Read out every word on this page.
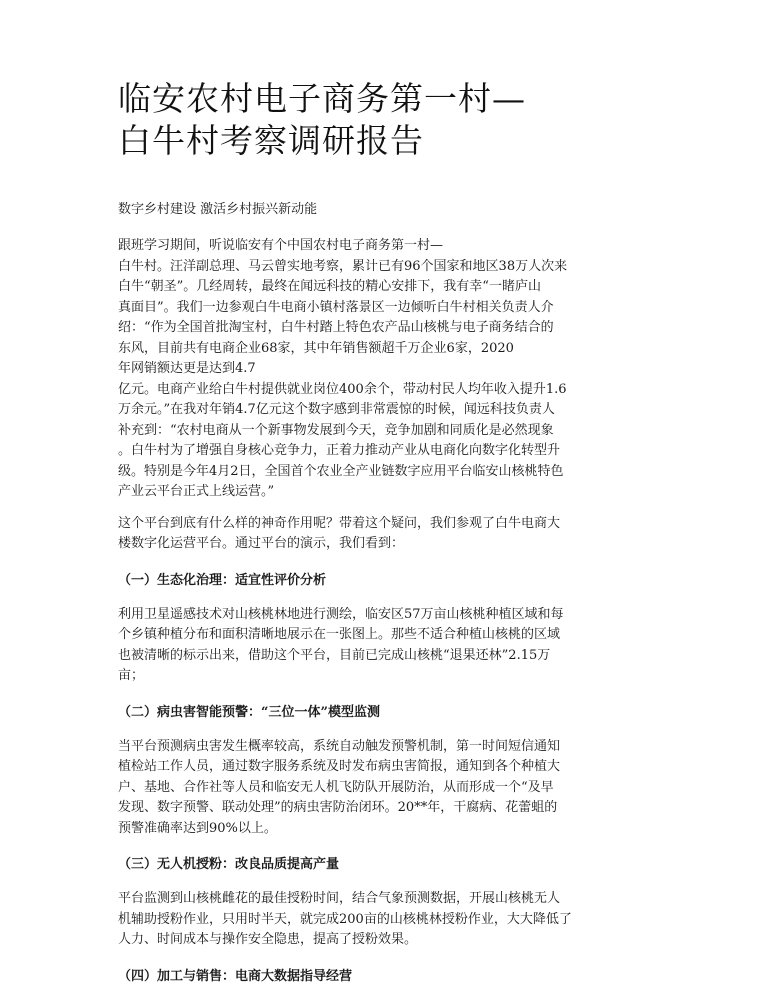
临安农村电子商务第一村—
白牛村考察调研报告

数字乡村建设 激活乡村振兴新动能

跟班学习期间，听说临安有个中国农村电子商务第一村—
白牛村。汪洋副总理、马云曾实地考察，累计已有96个国家和地区38万人次来
白牛“朝圣”。几经周转，最终在闻远科技的精心安排下，我有幸“一睹庐山
真面目”。我们一边参观白牛电商小镇村落景区一边倾听白牛村相关负责人介
绍：“作为全国首批淘宝村，白牛村踏上特色农产品山核桃与电子商务结合的
东风，目前共有电商企业68家，其中年销售额超千万企业6家，2020
年网销额达更是达到4.7
亿元。电商产业给白牛村提供就业岗位400余个，带动村民人均年收入提升1.6
万余元。”在我对年销4.7亿元这个数字感到非常震惊的时候，闻远科技负责人
补充到：“农村电商从一个新事物发展到今天，竞争加剧和同质化是必然现象
。白牛村为了增强自身核心竞争力，正着力推动产业从电商化向数字化转型升
级。特别是今年4月2日，全国首个农业全产业链数字应用平台临安山核桃特色
产业云平台正式上线运营。”
这个平台到底有什么样的神奇作用呢？带着这个疑问，我们参观了白牛电商大
楼数字化运营平台。通过平台的演示，我们看到：
（一）生态化治理：适宜性评价分析
利用卫星遥感技术对山核桃林地进行测绘，临安区57万亩山核桃种植区域和每
个乡镇种植分布和面积清晰地展示在一张图上。那些不适合种植山核桃的区域
也被清晰的标示出来，借助这个平台，目前已完成山核桃“退果还林”2.15万
亩；
（二）病虫害智能预警：“三位一体”模型监测
当平台预测病虫害发生概率较高，系统自动触发预警机制，第一时间短信通知
植检站工作人员，通过数字服务系统及时发布病虫害简报，通知到各个种植大
户、基地、合作社等人员和临安无人机飞防队开展防治，从而形成一个“及早
发现、数字预警、联动处理”的病虫害防治闭环。20**年，干腐病、花蕾蛆的
预警准确率达到90%以上。
（三）无人机授粉：改良品质提高产量
平台监测到山核桃雌花的最佳授粉时间，结合气象预测数据，开展山核桃无人
机辅助授粉作业，只用时半天，就完成200亩的山核桃林授粉作业，大大降低了
人力、时间成本与操作安全隐患，提高了授粉效果。
（四）加工与销售：电商大数据指导经营
